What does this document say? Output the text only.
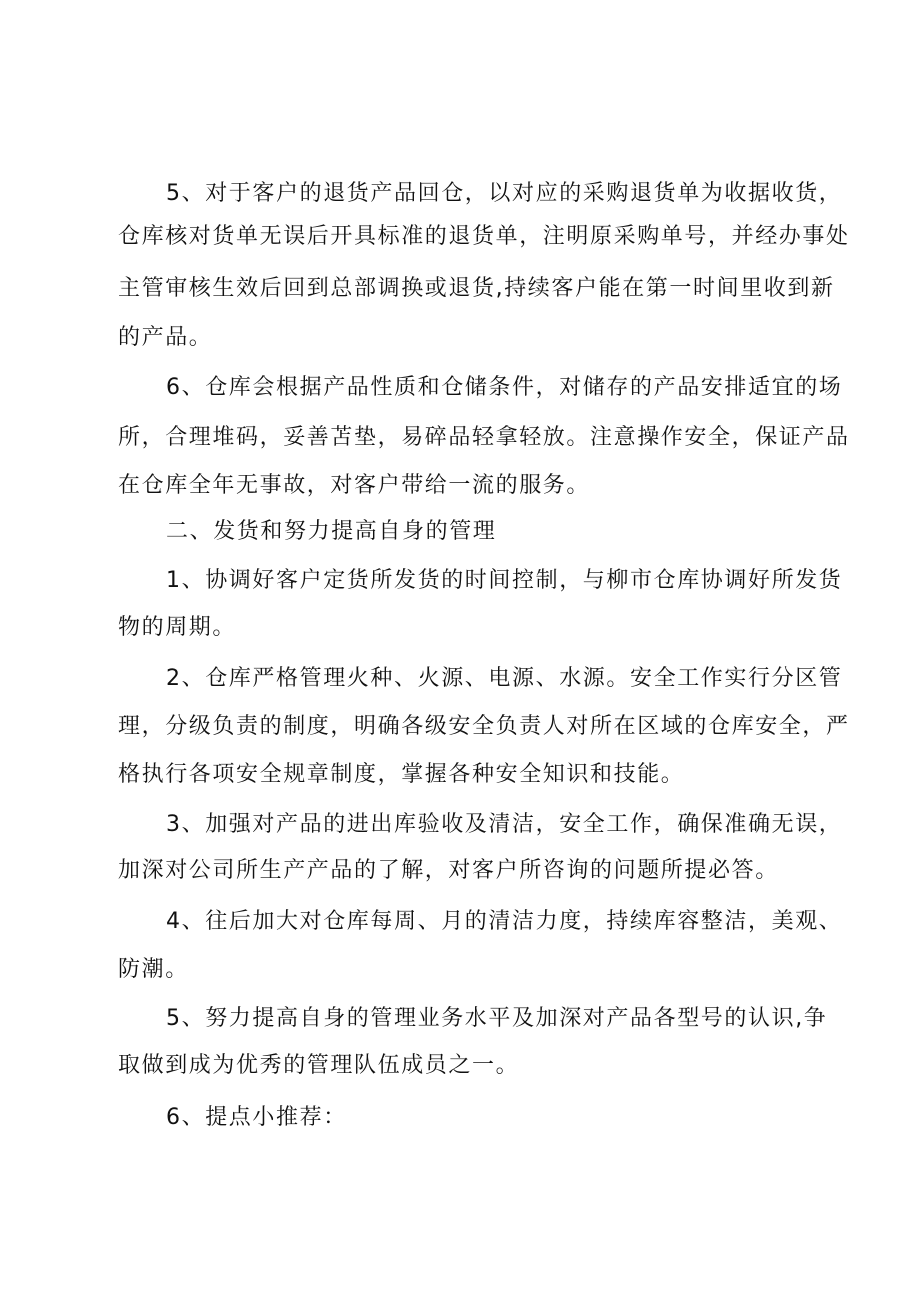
5、对于客户的退货产品回仓，以对应的采购退货单为收据收货，
仓库核对货单无误后开具标准的退货单，注明原采购单号，并经办事处
主管审核生效后回到总部调换或退货,持续客户能在第一时间里收到新
的产品。
6、仓库会根据产品性质和仓储条件，对储存的产品安排适宜的场
所，合理堆码，妥善苫垫，易碎品轻拿轻放。注意操作安全，保证产品
在仓库全年无事故，对客户带给一流的服务。
二、发货和努力提高自身的管理
1、协调好客户定货所发货的时间控制，与柳市仓库协调好所发货
物的周期。
2、仓库严格管理火种、火源、电源、水源。安全工作实行分区管
理，分级负责的制度，明确各级安全负责人对所在区域的仓库安全，严
格执行各项安全规章制度，掌握各种安全知识和技能。
3、加强对产品的进出库验收及清洁，安全工作，确保准确无误，
加深对公司所生产产品的了解，对客户所咨询的问题所提必答。
4、往后加大对仓库每周、月的清洁力度，持续库容整洁，美观、
防潮。
5、努力提高自身的管理业务水平及加深对产品各型号的认识,争
取做到成为优秀的管理队伍成员之一。
6、提点小推荐：
